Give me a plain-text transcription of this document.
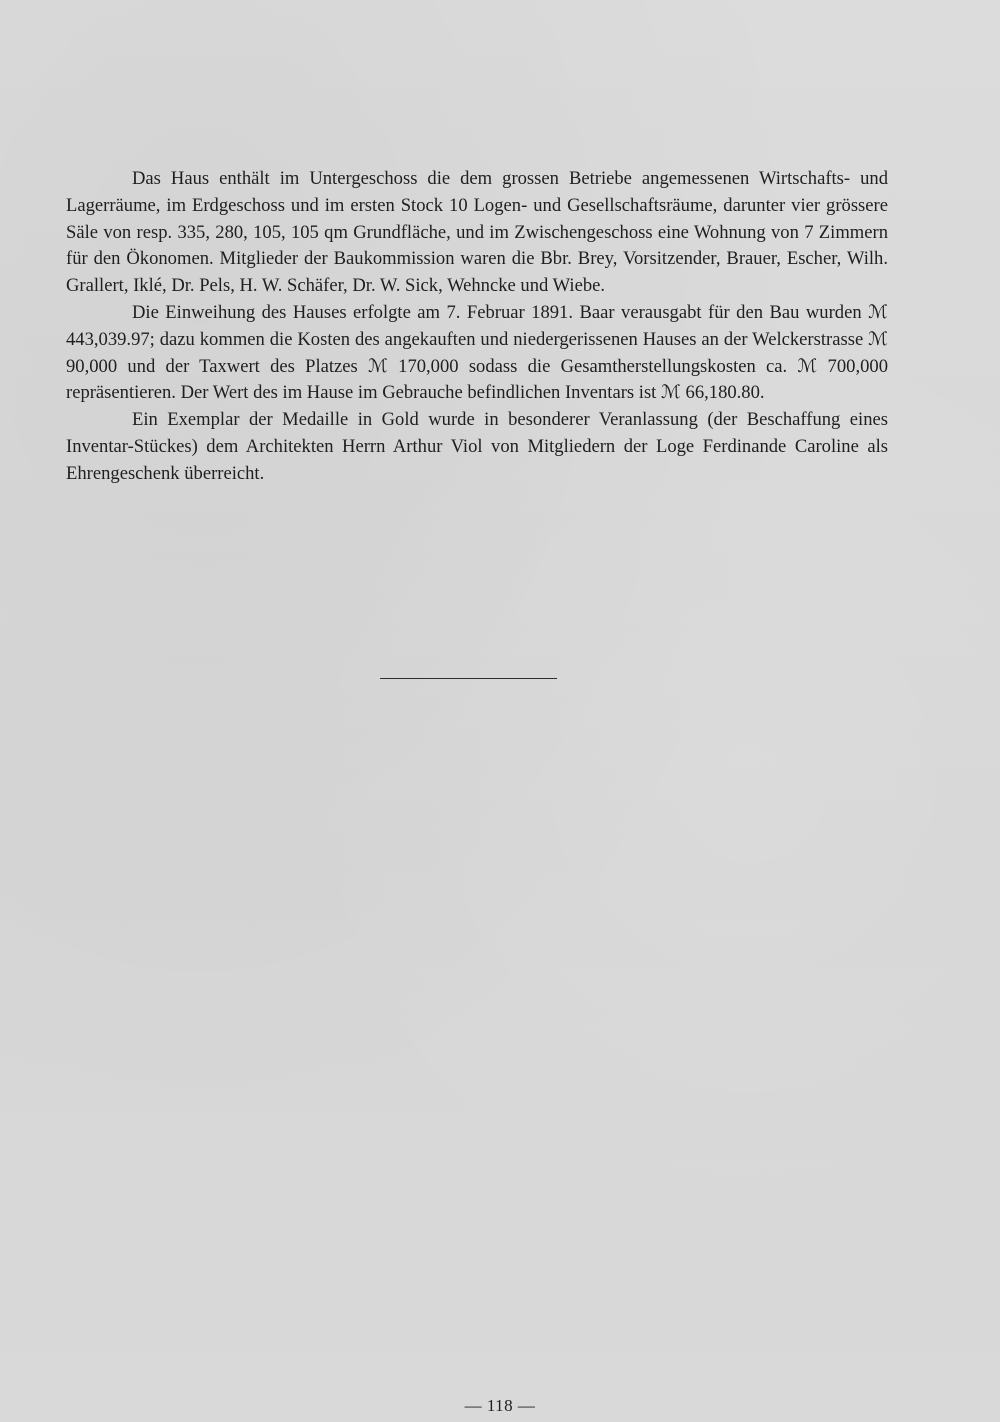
Das Haus enthält im Untergeschoss die dem grossen Betriebe angemessenen Wirtschafts- und Lagerräume, im Erdgeschoss und im ersten Stock 10 Logen- und Gesellschaftsräume, darunter vier grössere Säle von resp. 335, 280, 105, 105 qm Grundfläche, und im Zwischengeschoss eine Wohnung von 7 Zimmern für den Ökonomen. Mitglieder der Baukommission waren die Bbr. Brey, Vorsitzender, Brauer, Escher, Wilh. Grallert, Iklé, Dr. Pels, H. W. Schäfer, Dr. W. Sick, Wehncke und Wiebe.

Die Einweihung des Hauses erfolgte am 7. Februar 1891. Baar verausgabt für den Bau wurden ℳ 443,039.97; dazu kommen die Kosten des angekauften und niedergerissenen Hauses an der Welckerstrasse ℳ 90,000 und der Taxwert des Platzes ℳ 170,000 sodass die Gesamtherstellungskosten ca. ℳ 700,000 repräsentieren. Der Wert des im Hause im Gebrauche befindlichen Inventars ist ℳ 66,180.80.

Ein Exemplar der Medaille in Gold wurde in besonderer Veranlassung (der Beschaffung eines Inventar-Stückes) dem Architekten Herrn Arthur Viol von Mitgliedern der Loge Ferdinande Caroline als Ehrengeschenk überreicht.

— 118 —
